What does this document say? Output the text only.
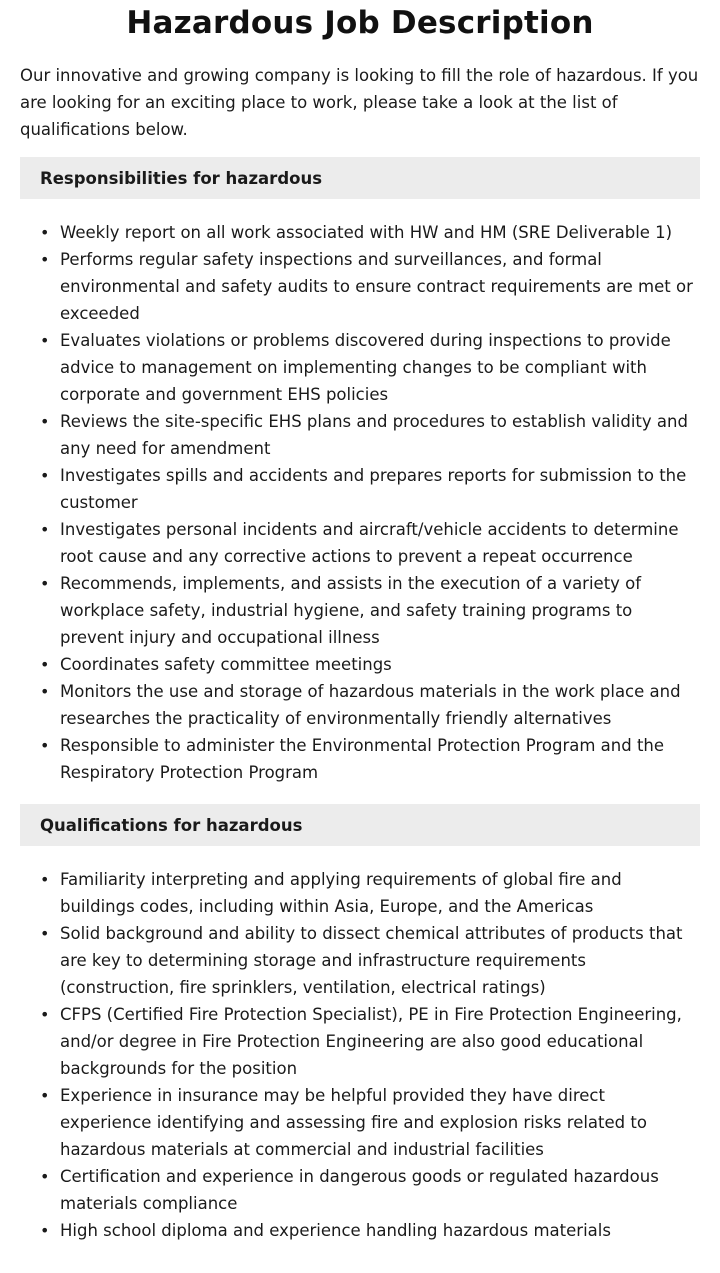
Hazardous Job Description

Our innovative and growing company is looking to fill the role of hazardous. If you are looking for an exciting place to work, please take a look at the list of qualifications below.

Responsibilities for hazardous
• Weekly report on all work associated with HW and HM (SRE Deliverable 1)
• Performs regular safety inspections and surveillances, and formal environmental and safety audits to ensure contract requirements are met or exceeded
• Evaluates violations or problems discovered during inspections to provide advice to management on implementing changes to be compliant with corporate and government EHS policies
• Reviews the site-specific EHS plans and procedures to establish validity and any need for amendment
• Investigates spills and accidents and prepares reports for submission to the customer
• Investigates personal incidents and aircraft/vehicle accidents to determine root cause and any corrective actions to prevent a repeat occurrence
• Recommends, implements, and assists in the execution of a variety of workplace safety, industrial hygiene, and safety training programs to prevent injury and occupational illness
• Coordinates safety committee meetings
• Monitors the use and storage of hazardous materials in the work place and researches the practicality of environmentally friendly alternatives
• Responsible to administer the Environmental Protection Program and the Respiratory Protection Program
Qualifications for hazardous
• Familiarity interpreting and applying requirements of global fire and buildings codes, including within Asia, Europe, and the Americas
• Solid background and ability to dissect chemical attributes of products that are key to determining storage and infrastructure requirements (construction, fire sprinklers, ventilation, electrical ratings)
• CFPS (Certified Fire Protection Specialist), PE in Fire Protection Engineering, and/or degree in Fire Protection Engineering are also good educational backgrounds for the position
• Experience in insurance may be helpful provided they have direct experience identifying and assessing fire and explosion risks related to hazardous materials at commercial and industrial facilities
• Certification and experience in dangerous goods or regulated hazardous materials compliance
• High school diploma and experience handling hazardous materials
